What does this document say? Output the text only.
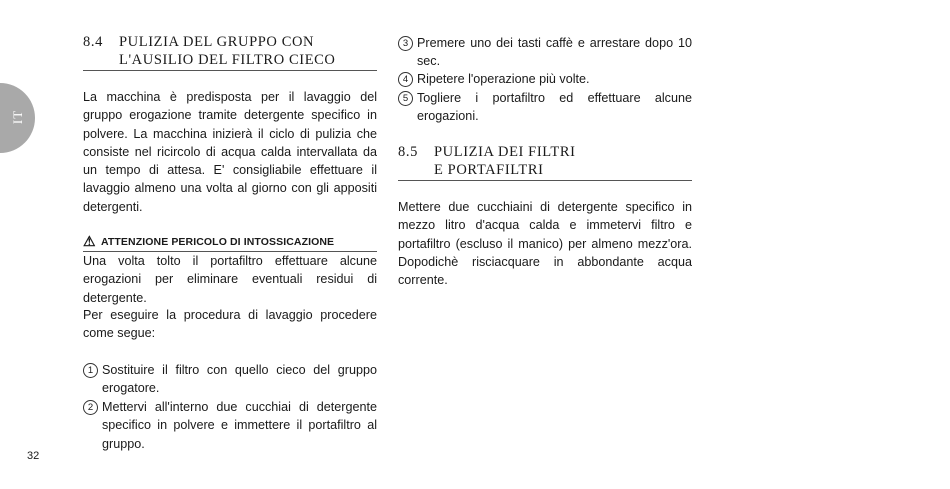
IT
8.4 PULIZIA DEL GRUPPO CON
L'AUSILIO DEL FILTRO CIECO

La macchina è predisposta per il lavaggio del gruppo erogazione tramite detergente specifico in polvere. La macchina inizierà il ciclo di pulizia che consiste nel ricircolo di acqua calda intervallata da un tempo di attesa. E' consigliabile effettuare il lavaggio almeno una volta al giorno con gli appositi detergenti.

⚠ ATTENZIONE PERICOLO DI INTOSSICAZIONE

Una volta tolto il portafiltro effettuare alcune erogazioni per eliminare eventuali residui di detergente.

Per eseguire la procedura di lavaggio procedere come segue:

1 Sostituire il filtro con quello cieco del gruppo erogatore.
2 Mettervi all'interno due cucchiai di detergente specifico in polvere e immettere il portafiltro al gruppo.
3 Premere uno dei tasti caffè e arrestare dopo 10 sec.
4 Ripetere l'operazione più volte.
5 Togliere i portafiltro ed effettuare alcune erogazioni.
8.5 PULIZIA DEI FILTRI
E PORTAFILTRI

Mettere due cucchiaini di detergente specifico in mezzo litro d'acqua calda e immetervi filtro e portafiltro (escluso il manico) per almeno mezz'ora. Dopodichè risciacquare in abbondante acqua corrente.

32
